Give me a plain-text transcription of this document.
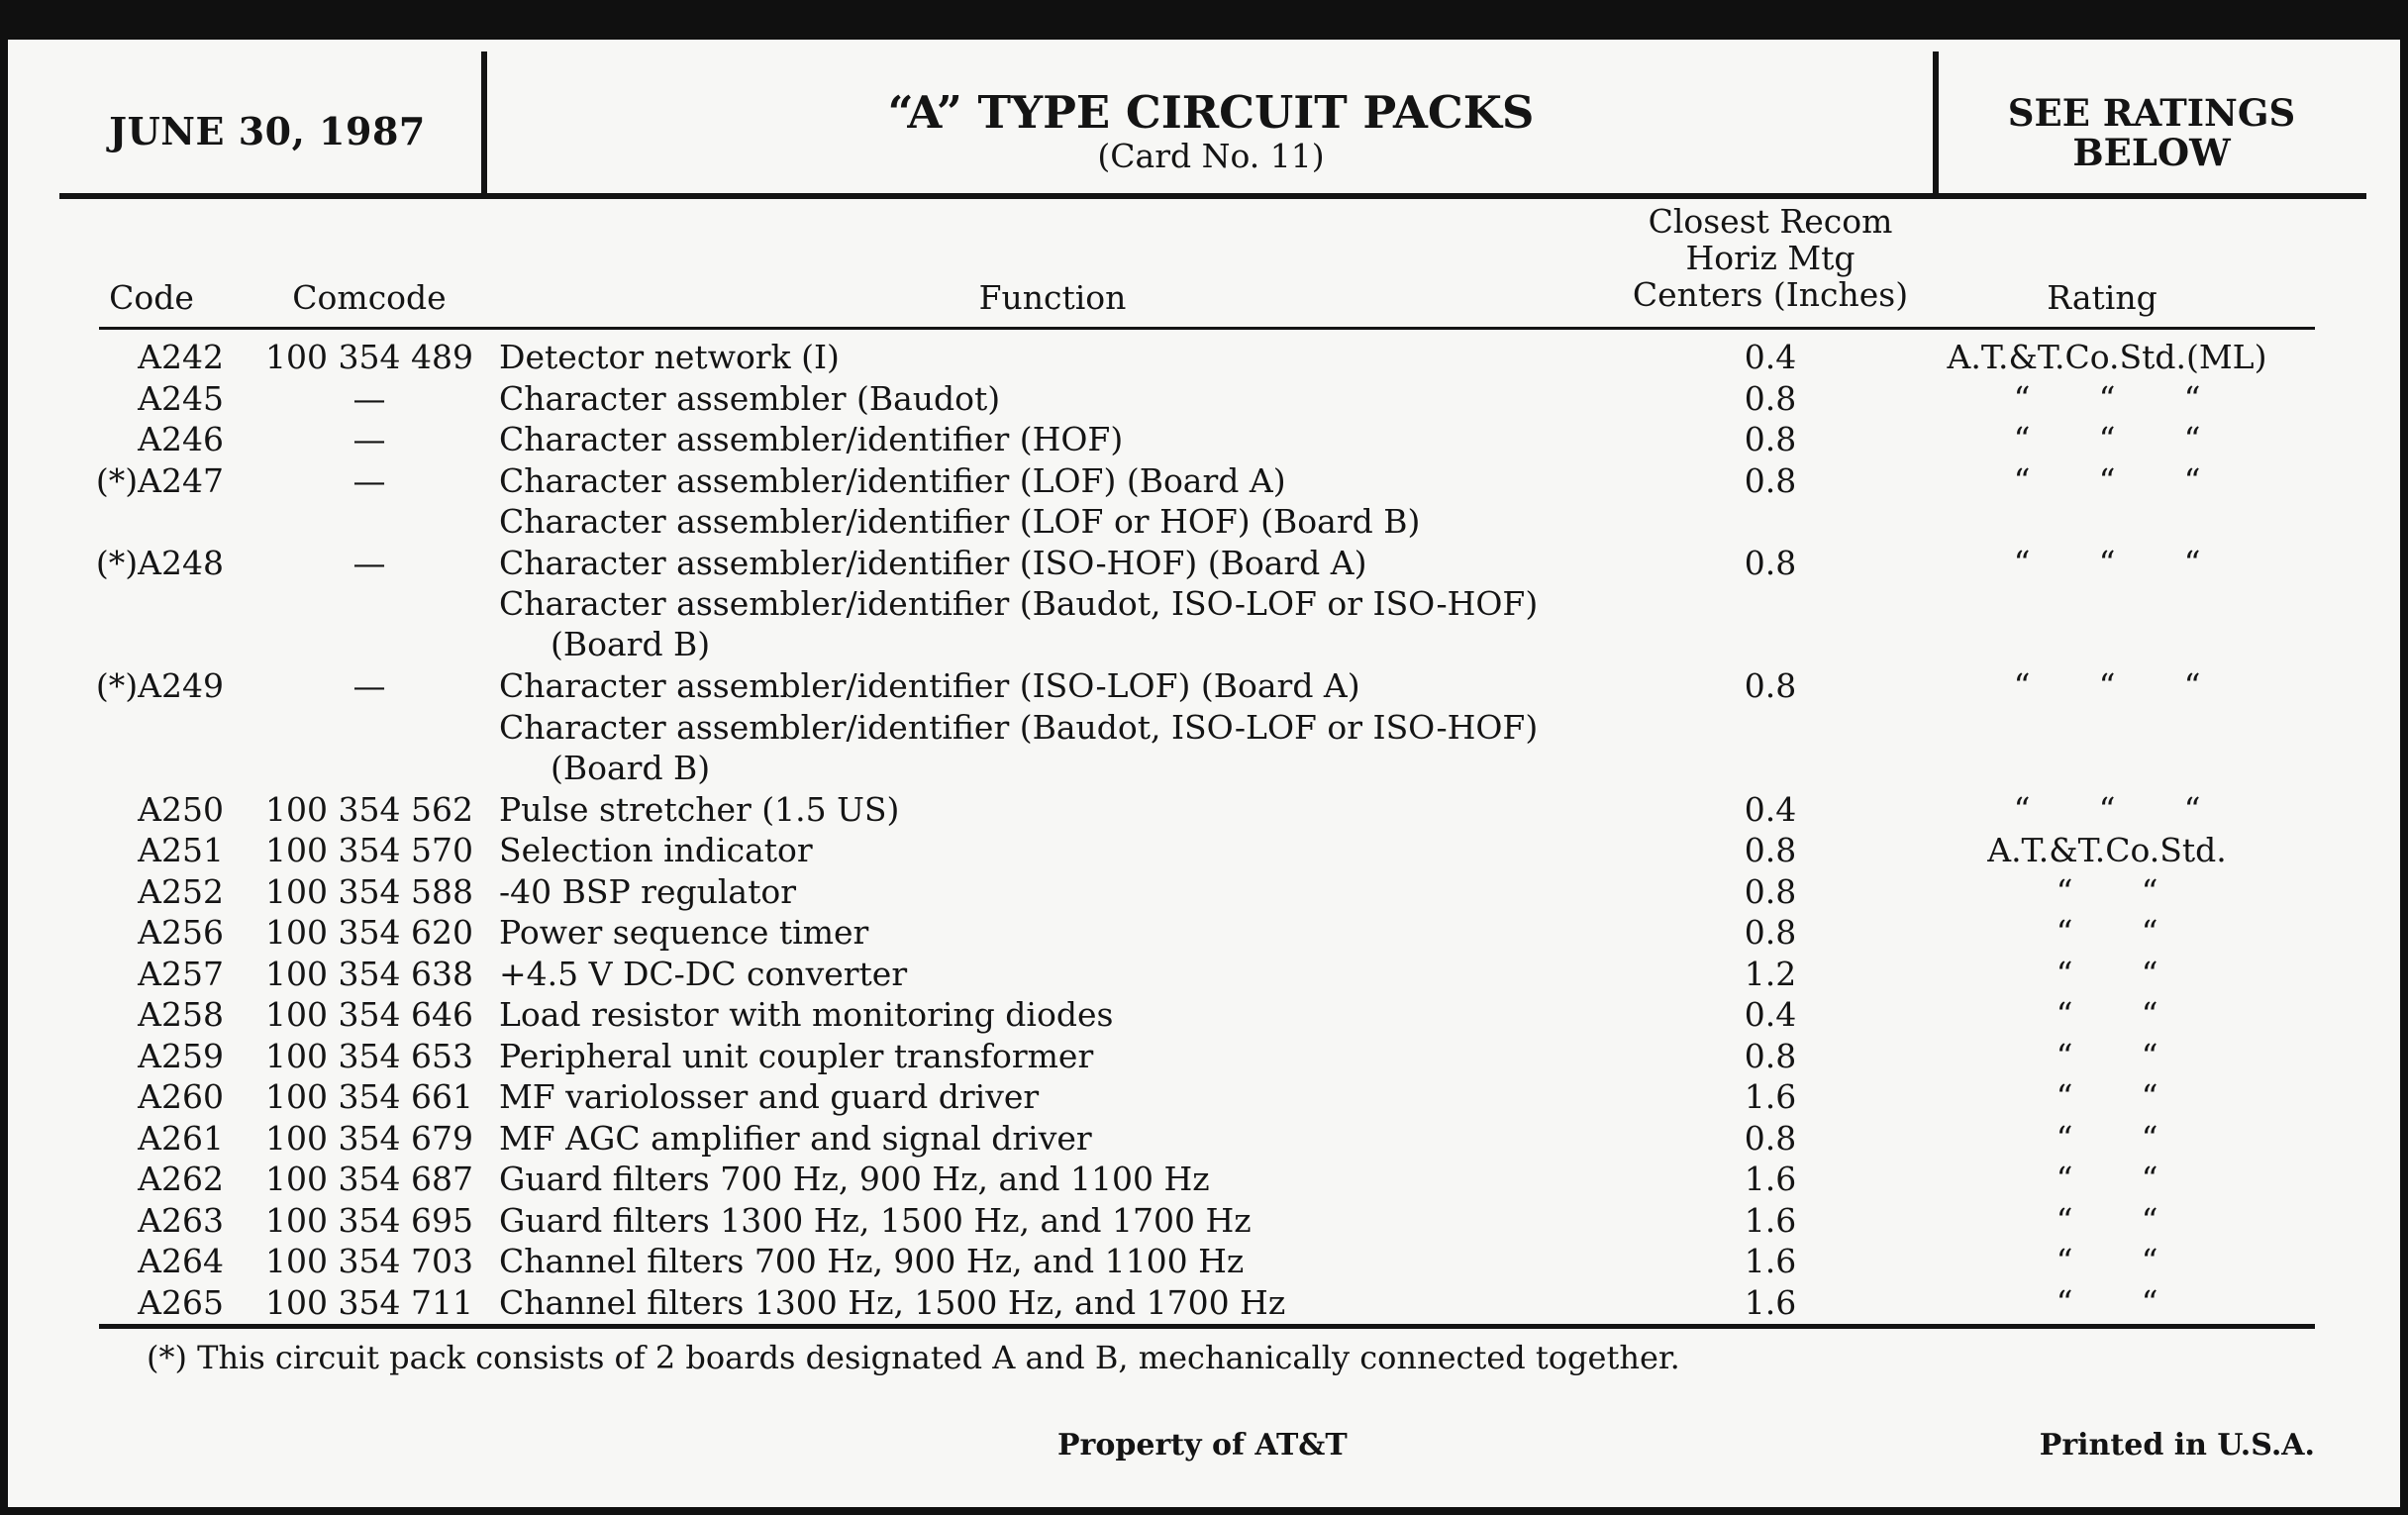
JUNE 30, 1987	“A” TYPE CIRCUIT PACKS
(Card No. 11)
SEE RATINGS
BELOW
Code	Comcode	Function
Closest Recom
Horiz Mtg
Centers (Inches)	Rating
A242 100 354 489 Detector network (I)	0.4	A.T.&T.Co.Std.(ML)
A245	—	Character assembler (Baudot)	0.8	“ “ “
A246	—	Character assembler/identifier (HOF)	0.8	“ “ “
(*)A247	—	Character assembler/identifier (LOF) (Board A)	0.8	“ “ “
Character assembler/identifier (LOF or HOF) (Board B)
(*)A248	—	Character assembler/identifier (ISO-HOF) (Board A)	0.8	“ “ “
Character assembler/identifier (Baudot, ISO-LOF or ISO-HOF)
(Board B)
(*)A249	—	Character assembler/identifier (ISO-LOF) (Board A)	0.8	“ “ “
Character assembler/identifier (Baudot, ISO-LOF or ISO-HOF)
(Board B)
A250 100 354 562 Pulse stretcher (1.5 US)	0.4	“ “ “
A251 100 354 570 Selection indicator	0.8	A.T.&T.Co.Std.
A252 100 354 588 -40 BSP regulator	0.8	“ “
A256 100 354 620 Power sequence timer	0.8	“ “
A257 100 354 638 +4.5 V DC-DC converter	1.2	“ “
A258 100 354 646 Load resistor with monitoring diodes	0.4	“ “
A259 100 354 653 Peripheral unit coupler transformer	0.8	“ “
A260 100 354 661 MF variolosser and guard driver	1.6	“ “
A261 100 354 679 MF AGC amplifier and signal driver	0.8	“ “
A262 100 354 687 Guard filters 700 Hz, 900 Hz, and 1100 Hz	1.6	“ “
A263 100 354 695 Guard filters 1300 Hz, 1500 Hz, and 1700 Hz	1.6	“ “
A264 100 354 703 Channel filters 700 Hz, 900 Hz, and 1100 Hz	1.6	“ “
A265 100 354 711 Channel filters 1300 Hz, 1500 Hz, and 1700 Hz	1.6	“ “
(*) This circuit pack consists of 2 boards designated A and B, mechanically connected together.
Property of AT&T	Printed in U.S.A.
